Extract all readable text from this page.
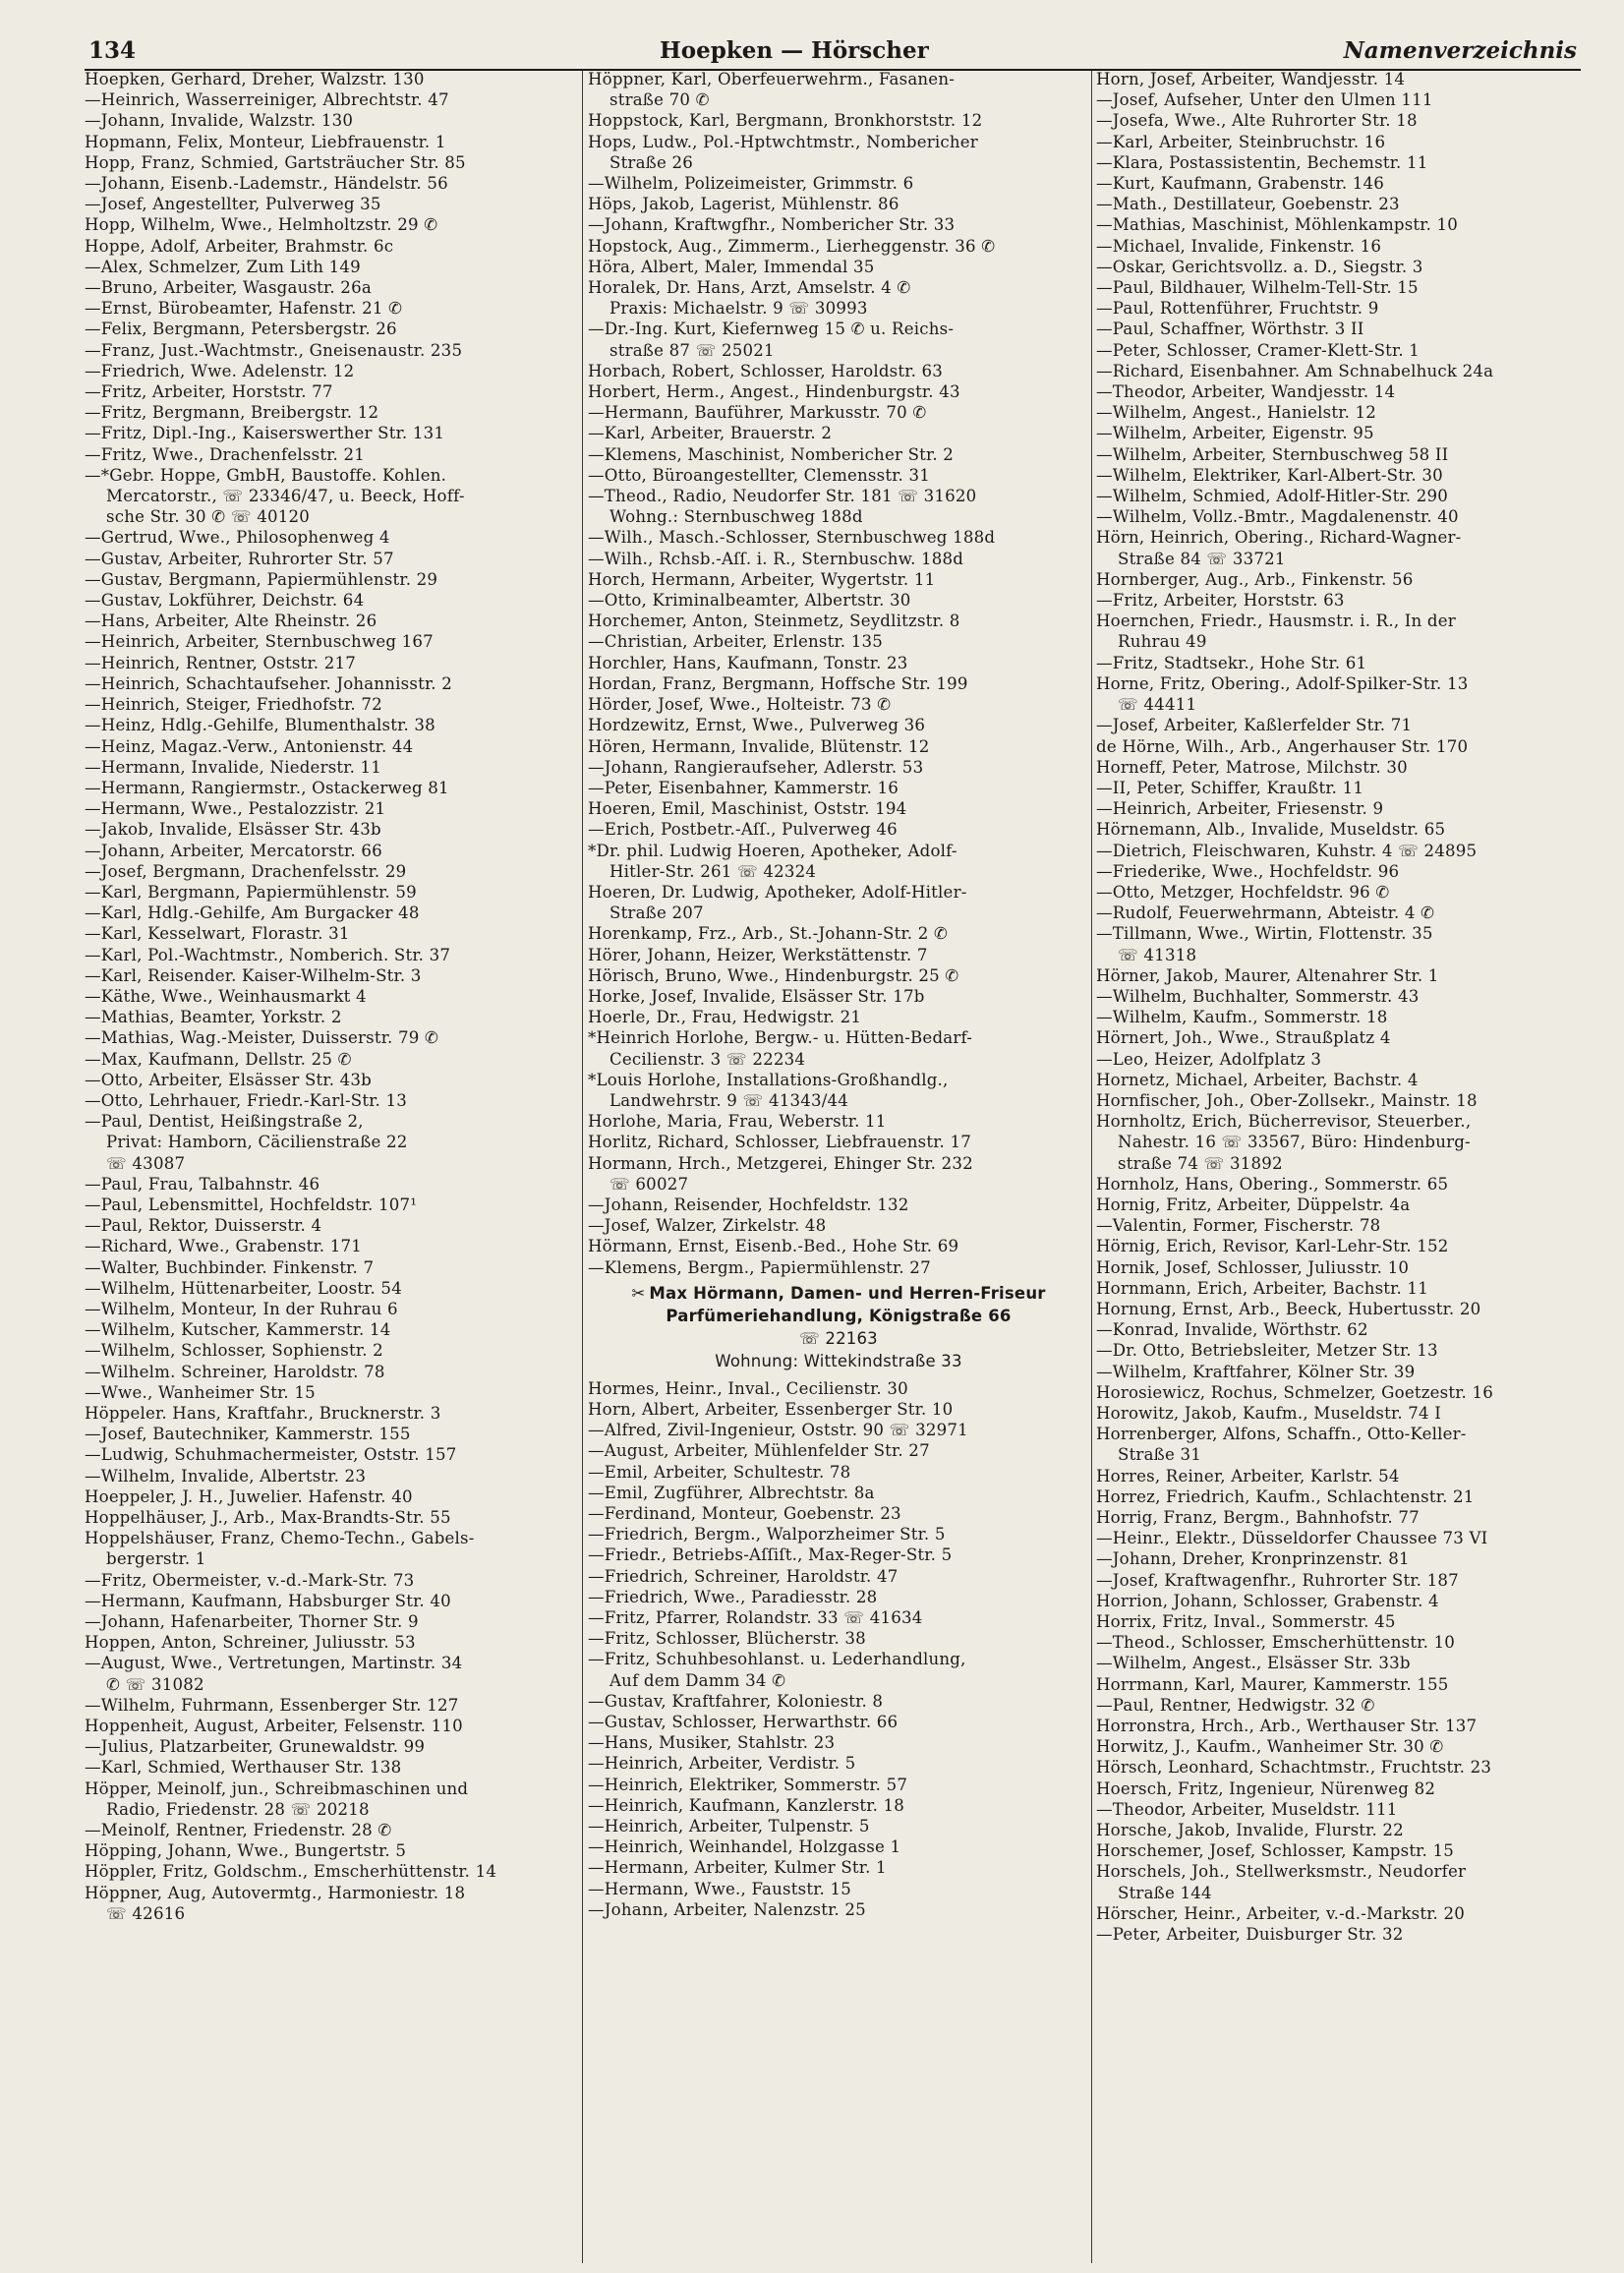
134	Hoepken — Hörscher	Namenverzeichnis
Hoepken, Gerhard, Dreher, Walzstr. 130
—Heinrich, Wasserreiniger, Albrechtstr. 47
—Johann, Invalide, Walzstr. 130
Hopmann, Felix, Monteur, Liebfrauenstr. 1
Hopp, Franz, Schmied, Gartsträucher Str. 85
—Johann, Eisenb.-Lademstr., Händelstr. 56
—Josef, Angestellter, Pulverweg 35
Hopp, Wilhelm, Wwe., Helmholtzstr. 29 ✆
Hoppe, Adolf, Arbeiter, Brahmstr. 6c
—Alex, Schmelzer, Zum Lith 149
—Bruno, Arbeiter, Wasgaustr. 26a
—Ernst, Bürobeamter, Hafenstr. 21 ✆
—Felix, Bergmann, Petersbergstr. 26
—Franz, Just.-Wachtmstr., Gneisenaustr. 235
—Friedrich, Wwe. Adelenstr. 12
—Fritz, Arbeiter, Horststr. 77
—Fritz, Bergmann, Breibergstr. 12
—Fritz, Dipl.-Ing., Kaiserswerther Str. 131
—Fritz, Wwe., Drachenfelsstr. 21
—*Gebr. Hoppe, GmbH, Baustoffe. Kohlen.
Mercatorstr., ☏ 23346/47, u. Beeck, Hoff-
sche Str. 30 ✆ ☏ 40120
—Gertrud, Wwe., Philosophenweg 4
—Gustav, Arbeiter, Ruhrorter Str. 57
—Gustav, Bergmann, Papiermühlenstr. 29
—Gustav, Lokführer, Deichstr. 64
—Hans, Arbeiter, Alte Rheinstr. 26
—Heinrich, Arbeiter, Sternbuschweg 167
—Heinrich, Rentner, Oststr. 217
—Heinrich, Schachtaufseher. Johannisstr. 2
—Heinrich, Steiger, Friedhofstr. 72
—Heinz, Hdlg.-Gehilfe, Blumenthalstr. 38
—Heinz, Magaz.-Verw., Antonienstr. 44
—Hermann, Invalide, Niederstr. 11
—Hermann, Rangiermstr., Ostackerweg 81
—Hermann, Wwe., Pestalozzistr. 21
—Jakob, Invalide, Elsässer Str. 43b
—Johann, Arbeiter, Mercatorstr. 66
—Josef, Bergmann, Drachenfelsstr. 29
—Karl, Bergmann, Papiermühlenstr. 59
—Karl, Hdlg.-Gehilfe, Am Burgacker 48
—Karl, Kesselwart, Florastr. 31
—Karl, Pol.-Wachtmstr., Nomberich. Str. 37
—Karl, Reisender. Kaiser-Wilhelm-Str. 3
—Käthe, Wwe., Weinhausmarkt 4
—Mathias, Beamter, Yorkstr. 2
—Mathias, Wag.-Meister, Duisserstr. 79 ✆
—Max, Kaufmann, Dellstr. 25 ✆
—Otto, Arbeiter, Elsässer Str. 43b
—Otto, Lehrhauer, Friedr.-Karl-Str. 13
—Paul, Dentist, Heißingstraße 2,
Privat: Hamborn, Cäcilienstraße 22
☏ 43087
—Paul, Frau, Talbahnstr. 46
—Paul, Lebensmittel, Hochfeldstr. 107¹
—Paul, Rektor, Duisserstr. 4
—Richard, Wwe., Grabenstr. 171
—Walter, Buchbinder. Finkenstr. 7
—Wilhelm, Hüttenarbeiter, Loostr. 54
—Wilhelm, Monteur, In der Ruhrau 6
—Wilhelm, Kutscher, Kammerstr. 14
—Wilhelm, Schlosser, Sophienstr. 2
—Wilhelm. Schreiner, Haroldstr. 78
—Wwe., Wanheimer Str. 15
Höppeler. Hans, Kraftfahr., Brucknerstr. 3
—Josef, Bautechniker, Kammerstr. 155
—Ludwig, Schuhmachermeister, Oststr. 157
—Wilhelm, Invalide, Albertstr. 23
Hoeppeler, J. H., Juwelier. Hafenstr. 40
Hoppelhäuser, J., Arb., Max-Brandts-Str. 55
Hoppelshäuser, Franz, Chemo-Techn., Gabels-
bergerstr. 1
—Fritz, Obermeister, v.-d.-Mark-Str. 73
—Hermann, Kaufmann, Habsburger Str. 40
—Johann, Hafenarbeiter, Thorner Str. 9
Hoppen, Anton, Schreiner, Juliusstr. 53
—August, Wwe., Vertretungen, Martinstr. 34
✆ ☏ 31082
—Wilhelm, Fuhrmann, Essenberger Str. 127
Hoppenheit, August, Arbeiter, Felsenstr. 110
—Julius, Platzarbeiter, Grunewaldstr. 99
—Karl, Schmied, Werthauser Str. 138
Höpper, Meinolf, jun., Schreibmaschinen und
Radio, Friedenstr. 28 ☏ 20218
—Meinolf, Rentner, Friedenstr. 28 ✆
Höpping, Johann, Wwe., Bungertstr. 5
Höppler, Fritz, Goldschm., Emscherhüttenstr. 14
Höppner, Aug, Autovermtg., Harmoniestr. 18
☏ 42616
Höppner, Karl, Oberfeuerwehrm., Fasanen-
straße 70 ✆
Hoppstock, Karl, Bergmann, Bronkhorststr. 12
Hops, Ludw., Pol.-Hptwchtmstr., Nomberiсher
Straße 26
—Wilhelm, Polizeimeister, Grimmstr. 6
Höps, Jakob, Lagerist, Mühlenstr. 86
—Johann, Kraftwgfhr., Nomberiсher Str. 33
Hopstock, Aug., Zimmerm., Lierheggenstr. 36 ✆
Höra, Albert, Maler, Immendal 35
Horalek, Dr. Hans, Arzt, Amselstr. 4 ✆
Praxis: Michaelstr. 9 ☏ 30993
—Dr.-Ing. Kurt, Kiefernweg 15 ✆ u. Reichs-
straße 87 ☏ 25021
Horbach, Robert, Schlosser, Haroldstr. 63
Horbert, Herm., Angest., Hindenburgstr. 43
—Hermann, Bauführer, Markusstr. 70 ✆
—Karl, Arbeiter, Brauerstr. 2
—Klemens, Maschinist, Nomberiсher Str. 2
—Otto, Büroangestellter, Clemensstr. 31
—Theod., Radio, Neudorfer Str. 181 ☏ 31620
Wohng.: Sternbuschweg 188d
—Wilh., Masch.-Schlosser, Sternbuschweg 188d
—Wilh., Rchsb.-Aſſ. i. R., Sternbuschw. 188d
Horch, Hermann, Arbeiter, Wygertstr. 11
—Otto, Kriminalbeamter, Albertstr. 30
Horchemer, Anton, Steinmetz, Seydlitzstr. 8
—Christian, Arbeiter, Erlenstr. 135
Horchler, Hans, Kaufmann, Tonstr. 23
Hordan, Franz, Bergmann, Hoffsche Str. 199
Hörder, Josef, Wwe., Holteistr. 73 ✆
Hordzewitz, Ernst, Wwe., Pulverweg 36
Hören, Hermann, Invalide, Blütenstr. 12
—Johann, Rangieraufseher, Adlerstr. 53
—Peter, Eisenbahner, Kammerstr. 16
Hoeren, Emil, Maschinist, Oststr. 194
—Erich, Postbetr.-Aſſ., Pulverweg 46
*Dr. phil. Ludwig Hoeren, Apotheker, Adolf-
Hitler-Str. 261 ☏ 42324
Hoeren, Dr. Ludwig, Apotheker, Adolf-Hitler-
Straße 207
Horenkamp, Frz., Arb., St.-Johann-Str. 2 ✆
Hörer, Johann, Heizer, Werkstättenstr. 7
Hörisch, Bruno, Wwe., Hindenburgstr. 25 ✆
Horke, Josef, Invalide, Elsässer Str. 17b
Hoerle, Dr., Frau, Hedwigstr. 21
*Heinrich Horlohe, Bergw.- u. Hütten-Bedarf-
Cecilienstr. 3 ☏ 22234
*Louis Horlohe, Installations-Großhandlg.,
Landwehrstr. 9 ☏ 41343/44
Horlohe, Maria, Frau, Weberstr. 11
Horlitz, Richard, Schlosser, Liebfrauenstr. 17
Hormann, Hrch., Metzgerei, Ehinger Str. 232
☏ 60027
—Johann, Reisender, Hochfeldstr. 132
—Josef, Walzer, Zirkelstr. 48
Hörmann, Ernst, Eisenb.-Bed., Hohe Str. 69
—Klemens, Bergm., Papiermühlenstr. 27
✂ Max Hörmann, Damen- und Herren-Friseur
Parfümeriehandlung, Königstraße 66
☏ 22163
Wohnung: Wittekindstraße 33
Hormes, Heinr., Inval., Cecilienstr. 30
Horn, Albert, Arbeiter, Essenberger Str. 10
—Alfred, Zivil-Ingenieur, Oststr. 90 ☏ 32971
—August, Arbeiter, Mühlenfelder Str. 27
—Emil, Arbeiter, Schultestr. 78
—Emil, Zugführer, Albrechtstr. 8a
—Ferdinand, Monteur, Goebenstr. 23
—Friedrich, Bergm., Walporzheimer Str. 5
—Friedr., Betriebs-Aſſiſt., Max-Reger-Str. 5
—Friedrich, Schreiner, Haroldstr. 47
—Friedrich, Wwe., Paradiesstr. 28
—Fritz, Pfarrer, Rolandstr. 33 ☏ 41634
—Fritz, Schlosser, Blücherstr. 38
—Fritz, Schuhbesohlanst. u. Lederhandlung,
Auf dem Damm 34 ✆
—Gustav, Kraftfahrer, Koloniestr. 8
—Gustav, Schlosser, Herwarthstr. 66
—Hans, Musiker, Stahlstr. 23
—Heinrich, Arbeiter, Verdistr. 5
—Heinrich, Elektriker, Sommerstr. 57
—Heinrich, Kaufmann, Kanzlerstr. 18
—Heinrich, Arbeiter, Tulpenstr. 5
—Heinrich, Weinhandel, Holzgasse 1
—Hermann, Arbeiter, Kulmer Str. 1
—Hermann, Wwe., Fauststr. 15
—Johann, Arbeiter, Nalenzstr. 25
Horn, Josef, Arbeiter, Wandjesstr. 14
—Josef, Aufseher, Unter den Ulmen 111
—Josefa, Wwe., Alte Ruhrorter Str. 18
—Karl, Arbeiter, Steinbruchstr. 16
—Klara, Postassistentin, Bechemstr. 11
—Kurt, Kaufmann, Grabenstr. 146
—Math., Destillateur, Goebenstr. 23
—Mathias, Maschinist, Möhlenkampstr. 10
—Michael, Invalide, Finkenstr. 16
—Oskar, Gerichtsvollz. a. D., Siegstr. 3
—Paul, Bildhauer, Wilhelm-Tell-Str. 15
—Paul, Rottenführer, Fruchtstr. 9
—Paul, Schaffner, Wörthstr. 3 II
—Peter, Schlosser, Cramer-Klett-Str. 1
—Richard, Eisenbahner. Am Schnabelhuck 24a
—Theodor, Arbeiter, Wandjesstr. 14
—Wilhelm, Angest., Hanielstr. 12
—Wilhelm, Arbeiter, Eigenstr. 95
—Wilhelm, Arbeiter, Sternbuschweg 58 II
—Wilhelm, Elektriker, Karl-Albert-Str. 30
—Wilhelm, Schmied, Adolf-Hitler-Str. 290
—Wilhelm, Vollz.-Bmtr., Magdalenenstr. 40
Hörn, Heinrich, Obering., Richard-Wagner-
Straße 84 ☏ 33721
Hornberger, Aug., Arb., Finkenstr. 56
—Fritz, Arbeiter, Horststr. 63
Hoernchen, Friedr., Hausmstr. i. R., In der
Ruhrau 49
—Fritz, Stadtsekr., Hohe Str. 61
Horne, Fritz, Obering., Adolf-Spilker-Str. 13
☏ 44411
—Josef, Arbeiter, Kaßlerfelder Str. 71
de Hörne, Wilh., Arb., Angerhauser Str. 170
Horneff, Peter, Matrose, Milchstr. 30
—II, Peter, Schiffer, Kraußtr. 11
—Heinrich, Arbeiter, Friesenstr. 9
Hörnemann, Alb., Invalide, Museldstr. 65
—Dietrich, Fleischwaren, Kuhstr. 4 ☏ 24895
—Friederike, Wwe., Hochfeldstr. 96
—Otto, Metzger, Hochfeldstr. 96 ✆
—Rudolf, Feuerwehrmann, Abteistr. 4 ✆
—Tillmann, Wwe., Wirtin, Flottenstr. 35
☏ 41318
Hörner, Jakob, Maurer, Altenahrer Str. 1
—Wilhelm, Buchhalter, Sommerstr. 43
—Wilhelm, Kaufm., Sommerstr. 18
Hörnert, Joh., Wwe., Straußplatz 4
—Leo, Heizer, Adolfplatz 3
Hornetz, Michael, Arbeiter, Bachstr. 4
Hornfischer, Joh., Ober-Zollsekr., Mainstr. 18
Hornholtz, Erich, Bücherrevisor, Steuerber.,
Nahestr. 16 ☏ 33567, Büro: Hindenburg-
straße 74 ☏ 31892
Hornholz, Hans, Obering., Sommerstr. 65
Hornig, Fritz, Arbeiter, Düppelstr. 4a
—Valentin, Former, Fischerstr. 78
Hörnig, Erich, Revisor, Karl-Lehr-Str. 152
Hornik, Josef, Schlosser, Juliusstr. 10
Hornmann, Erich, Arbeiter, Bachstr. 11
Hornung, Ernst, Arb., Beeck, Hubertusstr. 20
—Konrad, Invalide, Wörthstr. 62
—Dr. Otto, Betriebsleiter, Metzer Str. 13
—Wilhelm, Kraftfahrer, Kölner Str. 39
Horosiewicz, Rochus, Schmelzer, Goetzestr. 16
Horowitz, Jakob, Kaufm., Museldstr. 74 I
Horrenberger, Alfons, Schaffn., Otto-Keller-
Straße 31
Horres, Reiner, Arbeiter, Karlstr. 54
Horrez, Friedrich, Kaufm., Schlachtenstr. 21
Horrig, Franz, Bergm., Bahnhofstr. 77
—Heinr., Elektr., Düsseldorfer Chaussee 73 VI
—Johann, Dreher, Kronprinzenstr. 81
—Josef, Kraftwagenfhr., Ruhrorter Str. 187
Horrion, Johann, Schlosser, Grabenstr. 4
Horrix, Fritz, Inval., Sommerstr. 45
—Theod., Schlosser, Emscherhüttenstr. 10
—Wilhelm, Angest., Elsässer Str. 33b
Horrmann, Karl, Maurer, Kammerstr. 155
—Paul, Rentner, Hedwigstr. 32 ✆
Horronstra, Hrch., Arb., Werthauser Str. 137
Horwitz, J., Kaufm., Wanheimer Str. 30 ✆
Hörsch, Leonhard, Schachtmstr., Fruchtstr. 23
Hoersch, Fritz, Ingenieur, Nürenweg 82
—Theodor, Arbeiter, Museldstr. 111
Horsche, Jakob, Invalide, Flurstr. 22
Horschemer, Josef, Schlosser, Kampstr. 15
Horschels, Joh., Stellwerksmstr., Neudorfer
Straße 144
Hörscher, Heinr., Arbeiter, v.-d.-Markstr. 20
—Peter, Arbeiter, Duisburger Str. 32
